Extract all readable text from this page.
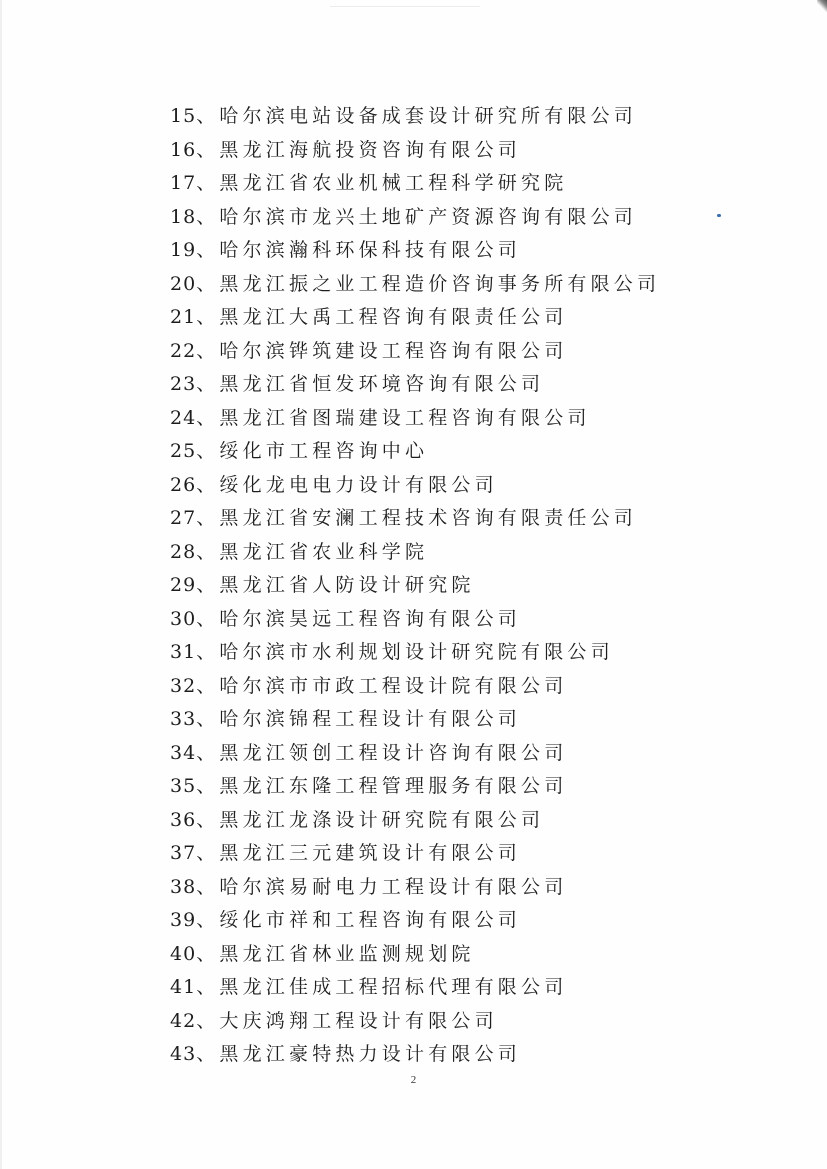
15、哈尔滨电站设备成套设计研究所有限公司
16、黑龙江海航投资咨询有限公司
17、黑龙江省农业机械工程科学研究院
18、哈尔滨市龙兴土地矿产资源咨询有限公司
19、哈尔滨瀚科环保科技有限公司
20、黑龙江振之业工程造价咨询事务所有限公司
21、黑龙江大禹工程咨询有限责任公司
22、哈尔滨铧筑建设工程咨询有限公司
23、黑龙江省恒发环境咨询有限公司
24、黑龙江省图瑞建设工程咨询有限公司
25、绥化市工程咨询中心
26、绥化龙电电力设计有限公司
27、黑龙江省安澜工程技术咨询有限责任公司
28、黑龙江省农业科学院
29、黑龙江省人防设计研究院
30、哈尔滨昊远工程咨询有限公司
31、哈尔滨市水利规划设计研究院有限公司
32、哈尔滨市市政工程设计院有限公司
33、哈尔滨锦程工程设计有限公司
34、黑龙江领创工程设计咨询有限公司
35、黑龙江东隆工程管理服务有限公司
36、黑龙江龙涤设计研究院有限公司
37、黑龙江三元建筑设计有限公司
38、哈尔滨易耐电力工程设计有限公司
39、绥化市祥和工程咨询有限公司
40、黑龙江省林业监测规划院
41、黑龙江佳成工程招标代理有限公司
42、大庆鸿翔工程设计有限公司
43、黑龙江豪特热力设计有限公司
2
